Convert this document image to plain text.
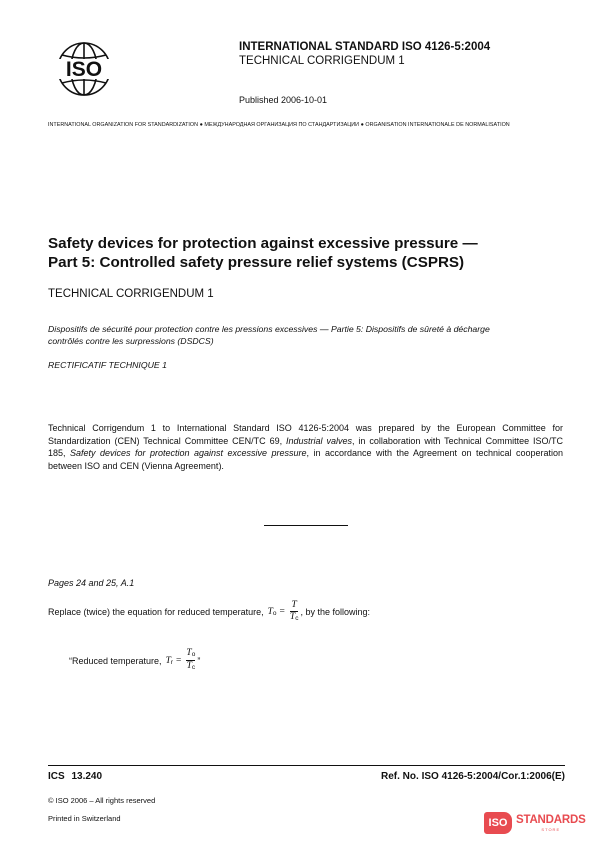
ISO
INTERNATIONAL STANDARD ISO 4126-5:2004
TECHNICAL CORRIGENDUM 1
Published 2006-10-01
INTERNATIONAL ORGANIZATION FOR STANDARDIZATION ● МЕЖДУНАРОДНАЯ ОРГАНИЗАЦИЯ ПО СТАНДАРТИЗАЦИИ ● ORGANISATION INTERNATIONALE DE NORMALISATION
Safety devices for protection against excessive pressure —
Part 5: Controlled safety pressure relief systems (CSPRS)
TECHNICAL CORRIGENDUM 1
Dispositifs de sécurité pour protection contre les pressions excessives — Partie 5: Dispositifs de sûreté à décharge
contrôlés contre les surpressions (DSDCS)
RECTIFICATIF TECHNIQUE 1
Technical Corrigendum 1 to International Standard ISO 4126-5:2004 was prepared by the European Committee for Standardization (CEN) Technical Committee CEN/TC 69, Industrial valves, in collaboration with Technical Committee ISO/TC 185, Safety devices for protection against excessive pressure, in accordance with the Agreement on technical cooperation between ISO and CEN (Vienna Agreement).
Pages 24 and 25, A.1
Replace (twice) the equation for reduced temperature, $To = \frac{T}{Tc}$ , by the following:
“Reduced temperature, $Tr = \frac{To}{Tc}$ ”
ICS 13.240	Ref. No. ISO 4126-5:2004/Cor.1:2006(E)
© ISO 2006 – All rights reserved
Printed in Switzerland	ISO STANDARDS
STORE
